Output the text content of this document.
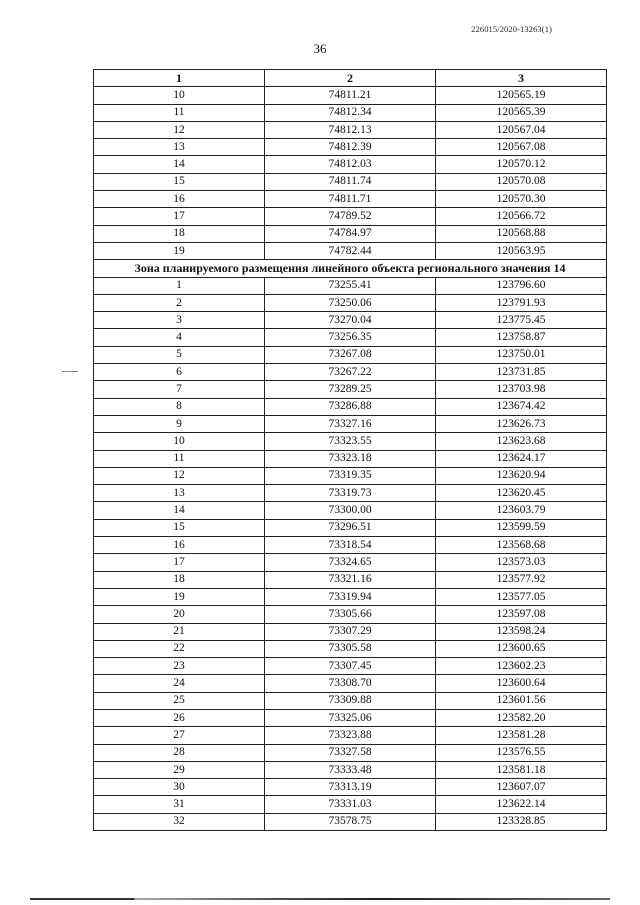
226015/2020-13263(1)
36
1	2	3
10	74811.21	120565.19
11	74812.34	120565.39
12	74812.13	120567.04
13	74812.39	120567.08
14	74812.03	120570.12
15	74811.74	120570.08
16	74811.71	120570.30
17	74789.52	120566.72
18	74784.97	120568.88
19	74782.44	120563.95
Зона планируемого размещения линейного объекта регионального значения 14		
1	73255.41	123796.60
2	73250.06	123791.93
3	73270.04	123775.45
4	73256.35	123758.87
5	73267.08	123750.01
6	73267.22	123731.85
7	73289.25	123703.98
8	73286.88	123674.42
9	73327.16	123626.73
10	73323.55	123623.68
11	73323.18	123624.17
12	73319.35	123620.94
13	73319.73	123620.45
14	73300.00	123603.79
15	73296.51	123599.59
16	73318.54	123568.68
17	73324.65	123573.03
18	73321.16	123577.92
19	73319.94	123577.05
20	73305.66	123597.08
21	73307.29	123598.24
22	73305.58	123600.65
23	73307.45	123602.23
24	73308.70	123600.64
25	73309.88	123601.56
26	73325.06	123582.20
27	73323.88	123581.28
28	73327.58	123576.55
29	73333.48	123581.18
30	73313.19	123607.07
31	73331.03	123622.14
32	73578.75	123328.85
